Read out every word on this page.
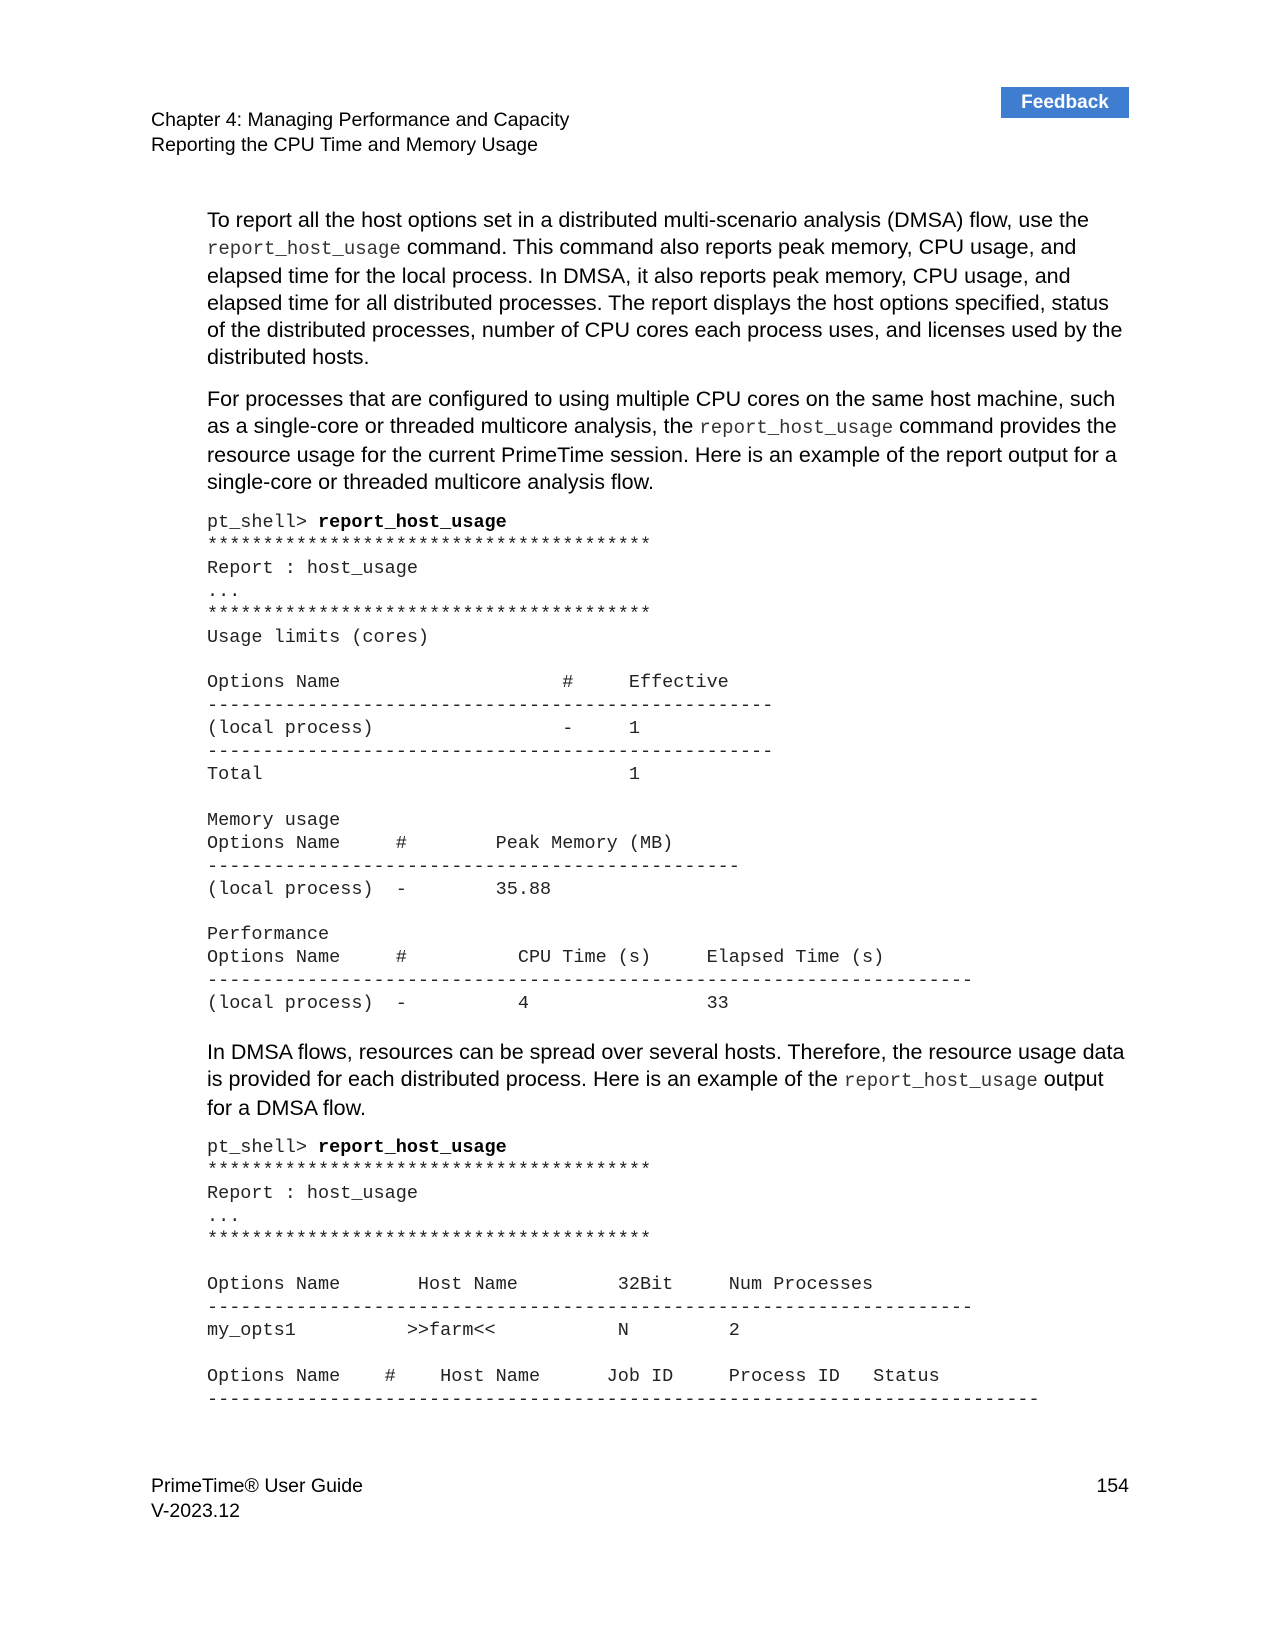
Feedback
Chapter 4: Managing Performance and Capacity
Reporting the CPU Time and Memory Usage

To report all the host options set in a distributed multi-scenario analysis (DMSA) flow, use the report_host_usage command. This command also reports peak memory, CPU usage, and elapsed time for the local process. In DMSA, it also reports peak memory, CPU usage, and elapsed time for all distributed processes. The report displays the host options specified, status of the distributed processes, number of CPU cores each process uses, and licenses used by the distributed hosts.

For processes that are configured to using multiple CPU cores on the same host machine, such as a single-core or threaded multicore analysis, the report_host_usage command provides the resource usage for the current PrimeTime session. Here is an example of the report output for a single-core or threaded multicore analysis flow.

pt_shell> report_host_usage
****************************************
Report : host_usage
...
****************************************
Usage limits (cores)

Options Name                    #     Effective
---------------------------------------------------
(local process)                 -     1
---------------------------------------------------
Total                                 1

Memory usage
Options Name     #        Peak Memory (MB)
------------------------------------------------
(local process)  -        35.88

Performance
Options Name     #          CPU Time (s)     Elapsed Time (s)
---------------------------------------------------------------------
(local process)  -          4                33

In DMSA flows, resources can be spread over several hosts. Therefore, the resource usage data is provided for each distributed process. Here is an example of the report_host_usage output for a DMSA flow.

pt_shell> report_host_usage
****************************************
Report : host_usage
...
****************************************

Options Name       Host Name         32Bit     Num Processes
---------------------------------------------------------------------
my_opts1          >>farm<<           N         2

Options Name    #    Host Name      Job ID     Process ID   Status
---------------------------------------------------------------------------
PrimeTime® User Guide
V-2023.12
154
